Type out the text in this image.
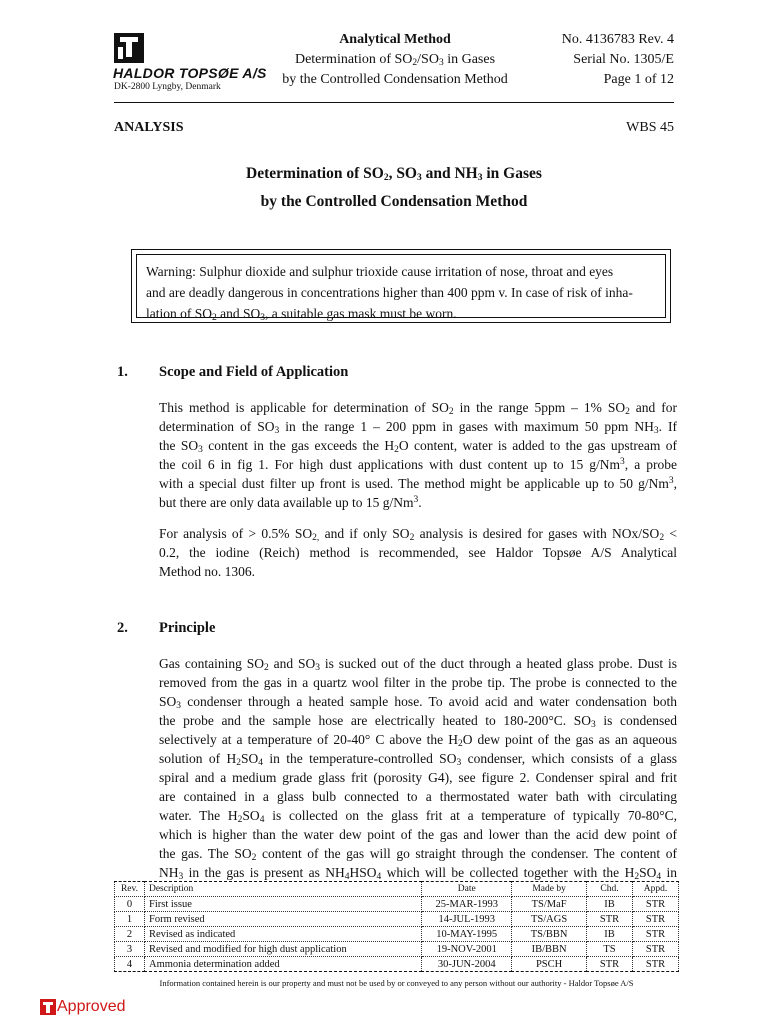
HALDOR TOPSØE A/S
DK-2800 Lyngby, Denmark
Analytical Method
Determination of $SO_2/SO_3$ in Gases
by the Controlled Condensation Method
No. 4136783 Rev. 4
Serial No. 1305/E
Page 1 of 12
ANALYSIS	WBS 45
Determination of $SO_2$, $SO_3$ and $NH_3$ in Gases
by the Controlled Condensation Method
Warning: Sulphur dioxide and sulphur trioxide cause irritation of nose, throat and eyes
and are deadly dangerous in concentrations higher than 400 ppm v. In case of risk of inha-
lation of $SO_2$ and $SO_3$, a suitable gas mask must be worn.
1. Scope and Field of Application
This method is applicable for determination of $SO_2$ in the range 5ppm – 1% $SO_2$ and for
determination of $SO_3$ in the range 1 – 200 ppm in gases with maximum 50 ppm $NH_3$. If
the $SO_3$ content in the gas exceeds the $H_2O$ content, water is added to the gas upstream of
the coil 6 in fig 1. For high dust applications with dust content up to 15 g/Nm$^3$, a probe
with a special dust filter up front is used. The method might be applicable up to 50 g/Nm$^3$,
but there are only data available up to 15 g/Nm$^3$.
For analysis of > 0.5% $SO_{2,}$ and if only $SO_2$ analysis is desired for gases with NOx/$SO_2$ <
0.2, the iodine (Reich) method is recommended, see Haldor Topsøe A/S Analytical
Method no. 1306.
2. Principle
Gas containing $SO_2$ and $SO_3$ is sucked out of the duct through a heated glass probe. Dust is
removed from the gas in a quartz wool filter in the probe tip. The probe is connected to the
$SO_3$ condenser through a heated sample hose. To avoid acid and water condensation both
the probe and the sample hose are electrically heated to 180-200°C. $SO_3$ is condensed
selectively at a temperature of 20-40° C above the $H_2O$ dew point of the gas as an aqueous
solution of $H_2SO_4$ in the temperature-controlled $SO_3$ condenser, which consists of a glass
spiral and a medium grade glass frit (porosity G4), see figure 2. Condenser spiral and frit
are contained in a glass bulb connected to a thermostated water bath with circulating
water. The $H_2SO_4$ is collected on the glass frit at a temperature of typically 70-80°C,
which is higher than the water dew point of the gas and lower than the acid dew point of
the gas. The $SO_2$ content of the gas will go straight through the condenser. The content of
$NH_3$ in the gas is present as $NH_4HSO_4$ which will be collected together with the $H_2SO_4$ in
Rev.	Description	Date	Made by	Chd.	Appd.
0	First issue	25-MAR-1993	TS/MaF	IB	STR
1	Form revised	14-JUL-1993	TS/AGS	STR	STR
2	Revised as indicated	10-MAY-1995	TS/BBN	IB	STR
3	Revised and modified for high dust application	19-NOV-2001	IB/BBN	TS	STR
4	Ammonia determination added	30-JUN-2004	PSCH	STR	STR
Information contained herein is our property and must not be used by or conveyed to any person without our authority - Haldor Topsøe A/S
Approved
